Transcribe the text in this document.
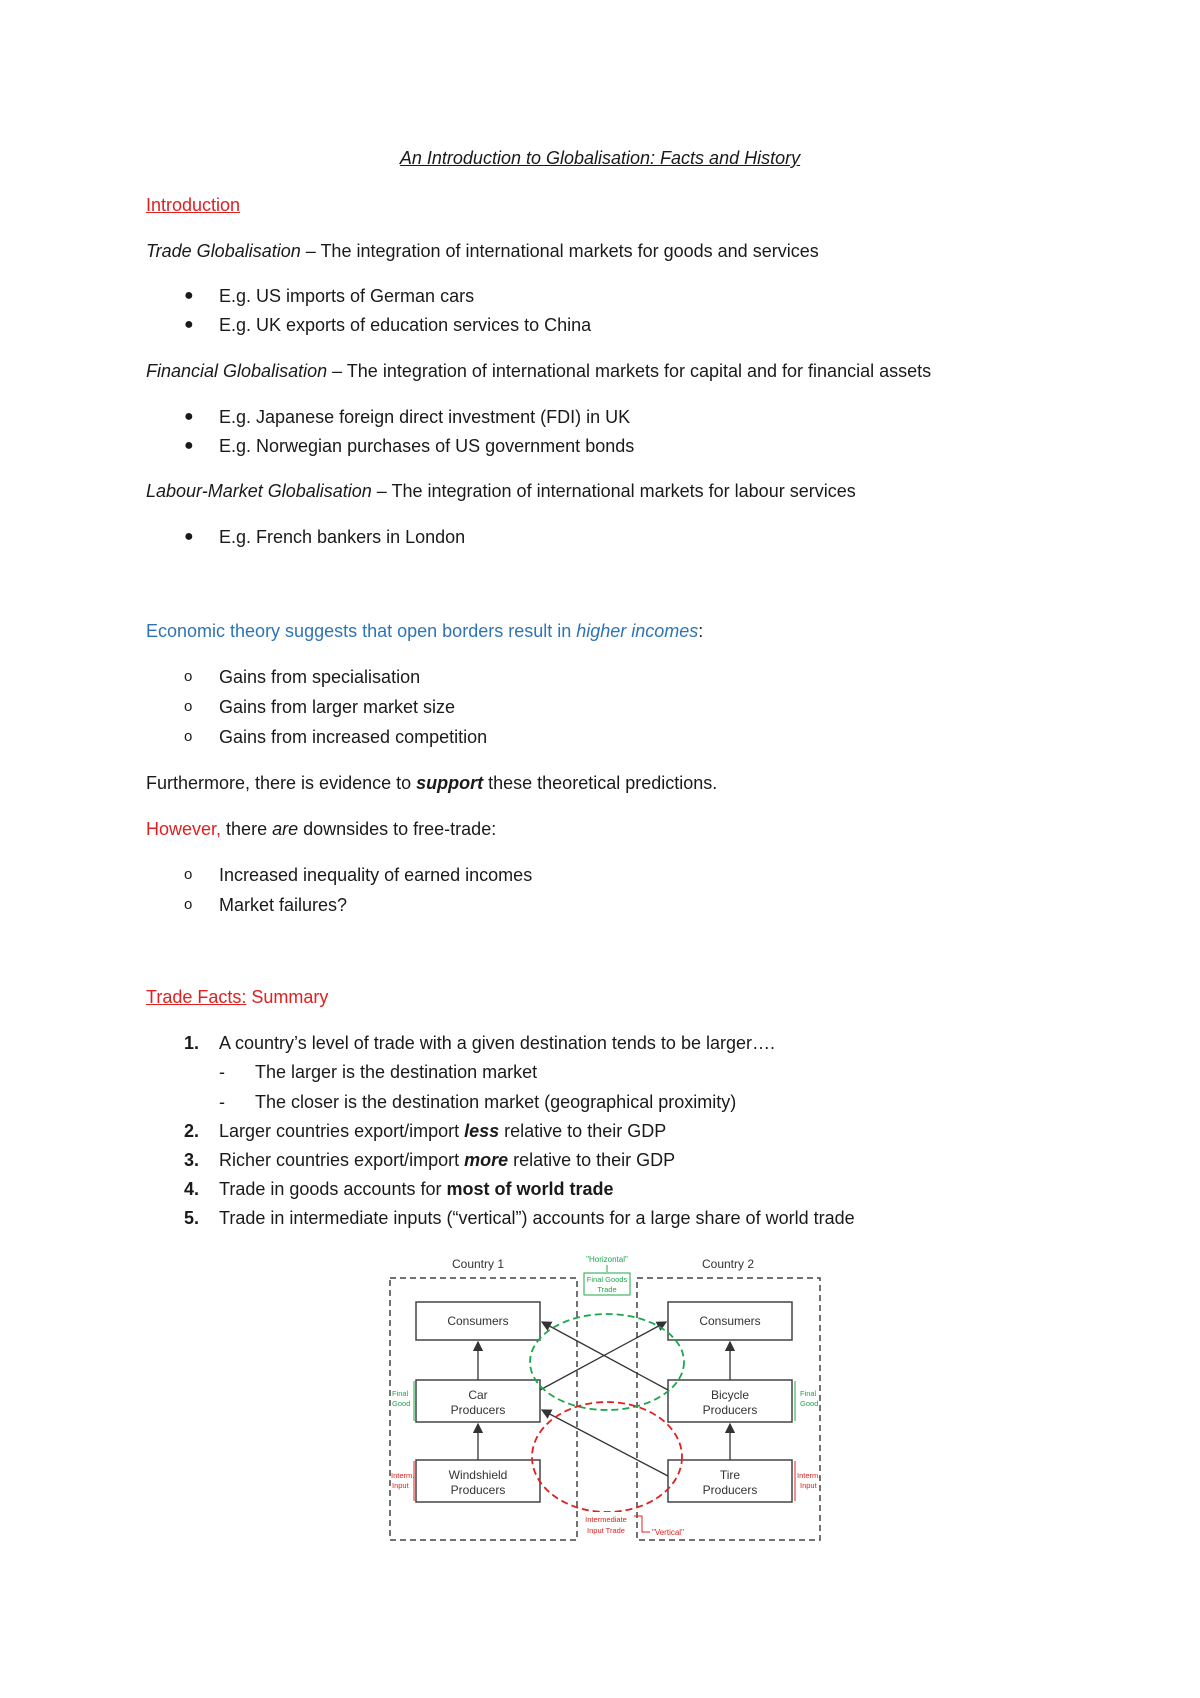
An Introduction to Globalisation: Facts and History
Introduction
Trade Globalisation – The integration of international markets for goods and services
● E.g. US imports of German cars
● E.g. UK exports of education services to China
Financial Globalisation – The integration of international markets for capital and for financial assets
● E.g. Japanese foreign direct investment (FDI) in UK
● E.g. Norwegian purchases of US government bonds
Labour-Market Globalisation – The integration of international markets for labour services
● E.g. French bankers in London
Economic theory suggests that open borders result in higher incomes:
o Gains from specialisation
o Gains from larger market size
o Gains from increased competition
Furthermore, there is evidence to support these theoretical predictions.
However, there are downsides to free-trade:
o Increased inequality of earned incomes
o Market failures?
Trade Facts: Summary
1. A country’s level of trade with a given destination tends to be larger….
- The larger is the destination market
- The closer is the destination market (geographical proximity)
2. Larger countries export/import less relative to their GDP
3. Richer countries export/import more relative to their GDP
4. Trade in goods accounts for most of world trade
5. Trade in intermediate inputs (“vertical”) accounts for a large share of world trade
Country 1	Country 2
"Horizontal"
Final Goods
Trade
Consumers	Consumers
Car
Producers
Bicycle
Producers
Windshield
Producers
Tire
Producers
Final
Good
Final
Good
Interm.
Input
Interm.
Input
Intermediate
Input Trade	"Vertical"
